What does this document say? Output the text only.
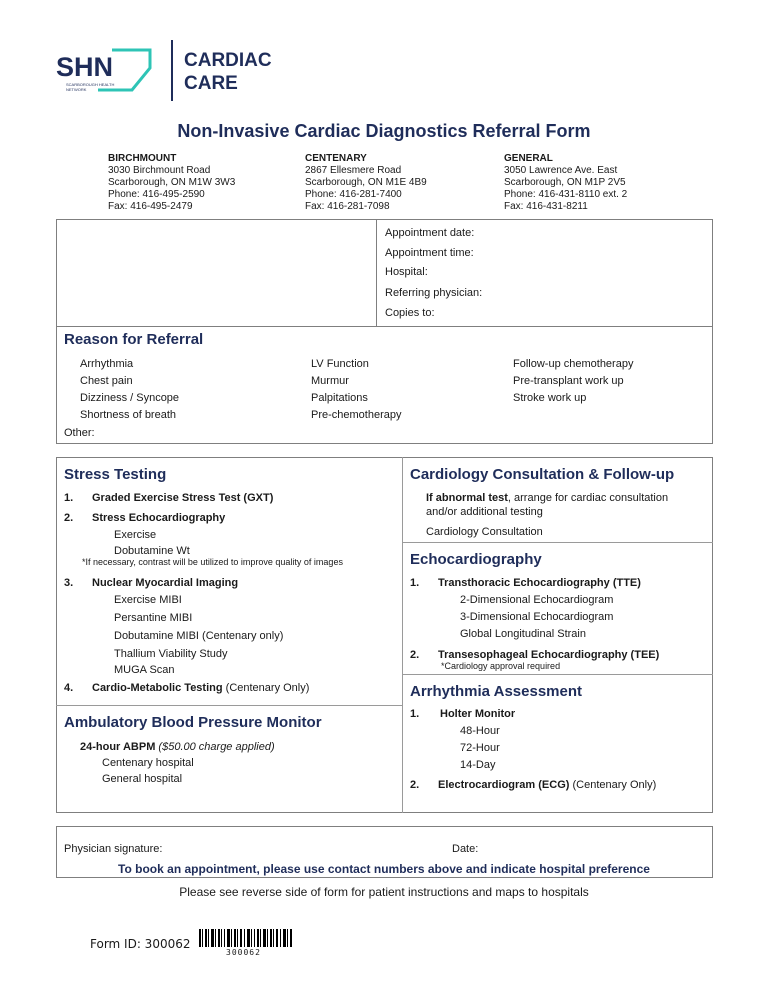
SHN
SCARBOROUGH HEALTH NETWORK
CARDIAC
CARE
Non-Invasive Cardiac Diagnostics Referral Form
BIRCHMOUNT
3030 Birchmount Road
Scarborough, ON M1W 3W3
Phone: 416-495-2590
Fax: 416-495-2479
CENTENARY
2867 Ellesmere Road
Scarborough, ON M1E 4B9
Phone: 416-281-7400
Fax: 416-281-7098
GENERAL
3050 Lawrence Ave. East
Scarborough, ON M1P 2V5
Phone: 416-431-8110 ext. 2
Fax: 416-431-8211
Appointment date:
Appointment time:
Hospital:
Referring physician:
Copies to:
Reason for Referral
Arrhythmia
Chest pain
Dizziness / Syncope
Shortness of breath
LV Function
Murmur
Palpitations
Pre-chemotherapy
Follow-up chemotherapy
Pre-transplant work up
Stroke work up
Other:
Stress Testing
1. Graded Exercise Stress Test (GXT)
2. Stress Echocardiography
Exercise
Dobutamine Wt
*If necessary, contrast will be utilized to improve quality of images
3. Nuclear Myocardial Imaging
Exercise MIBI
Persantine MIBI
Dobutamine MIBI (Centenary only)
Thallium Viability Study
MUGA Scan
4. Cardio-Metabolic Testing (Centenary Only)
Ambulatory Blood Pressure Monitor
24-hour ABPM ($50.00 charge applied)
Centenary hospital
General hospital
Cardiology Consultation & Follow-up
If abnormal test, arrange for cardiac consultation and/or additional testing
Cardiology Consultation
Echocardiography
1. Transthoracic Echocardiography (TTE)
2-Dimensional Echocardiogram
3-Dimensional Echocardiogram
Global Longitudinal Strain
2. Transesophageal Echocardiography (TEE)
*Cardiology approval required
Arrhythmia Assessment
1. Holter Monitor
48-Hour
72-Hour
14-Day
2. Electrocardiogram (ECG) (Centenary Only)
Physician signature:	Date:
To book an appointment, please use contact numbers above and indicate hospital preference
Please see reverse side of form for patient instructions and maps to hospitals
Form ID: 300062
300062
